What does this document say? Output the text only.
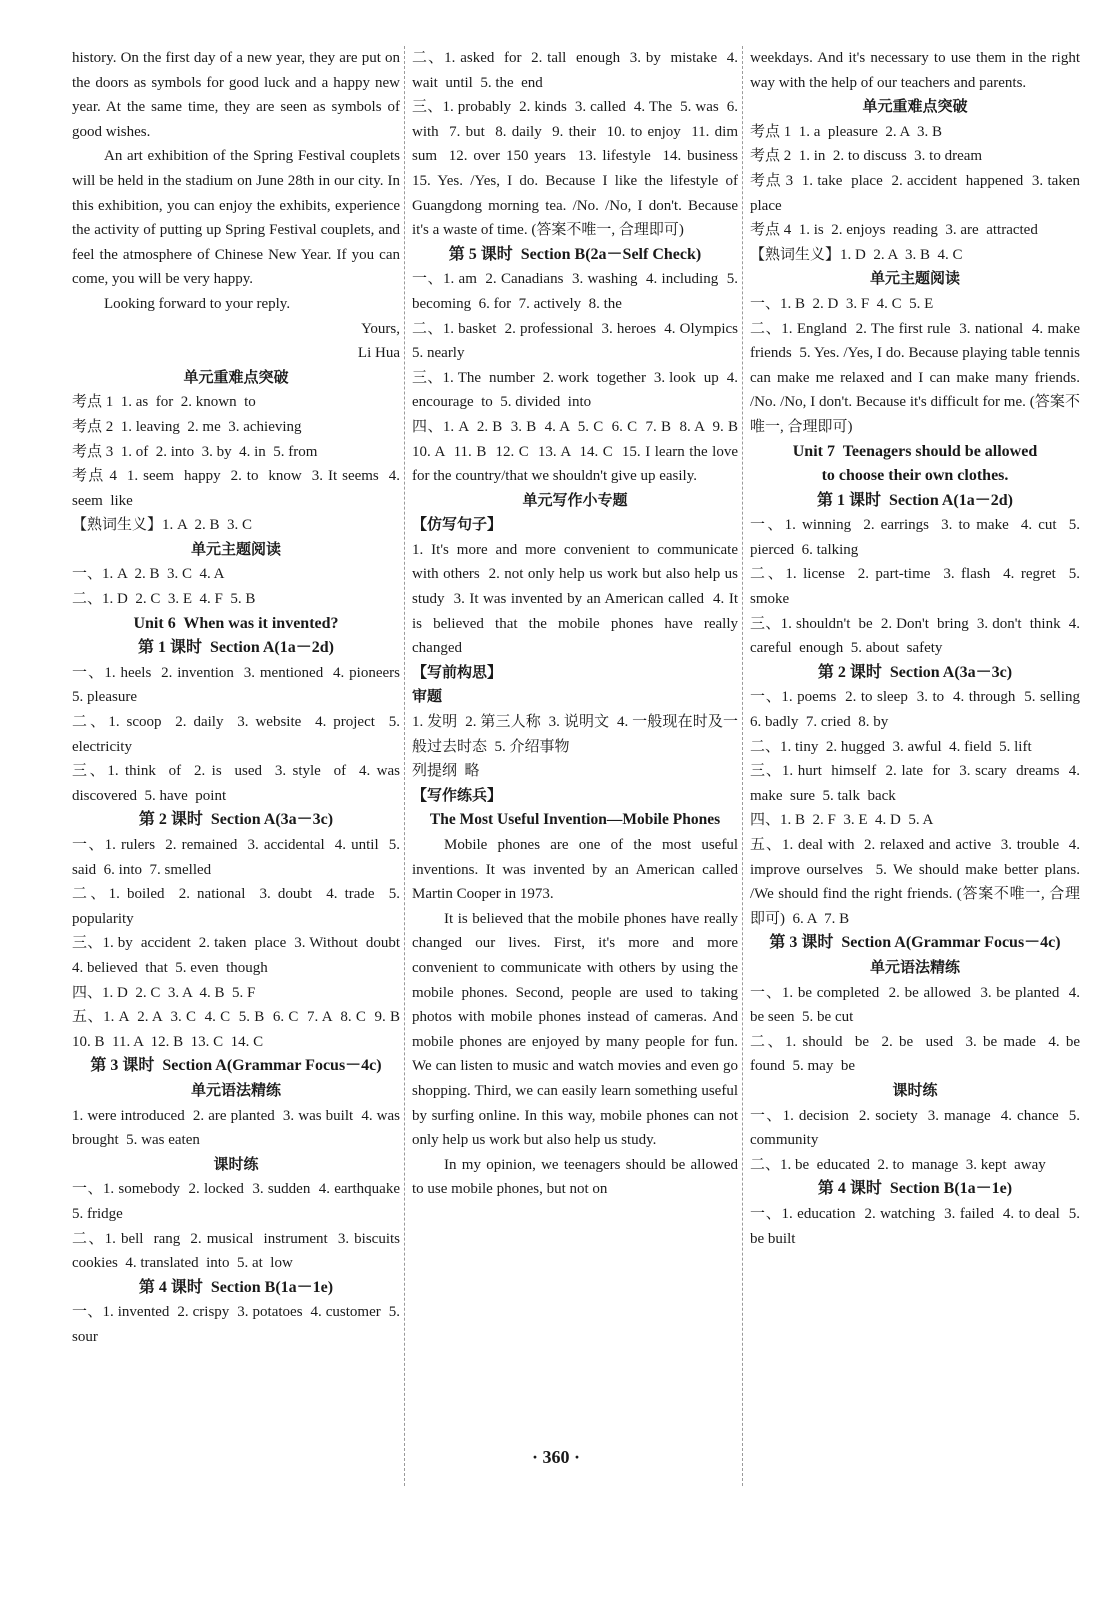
history. On the first day of a new year, they are put on the doors as symbols for good luck and a happy new year. At the same time, they are seen as symbols of good wishes.

An art exhibition of the Spring Festival couplets will be held in the stadium on June 28th in our city. In this exhibition, you can enjoy the exhibits, experience the activity of putting up Spring Festival couplets, and feel the atmosphere of Chinese New Year. If you can come, you will be very happy.

Looking forward to your reply.

Yours,
Li Hua
单元重难点突破
考点 1  1. as  for  2. known  to
考点 2  1. leaving  2. me  3. achieving
考点 3  1. of  2. into  3. by  4. in  5. from
考点 4  1. seem  happy  2. to  know  3. It seems  4. seem  like
【熟词生义】1. A  2. B  3. C
单元主题阅读
一、1. A  2. B  3. C  4. A
二、1. D  2. C  3. E  4. F  5. B
Unit 6  When was it invented?
第 1 课时  Section A(1a－2d)
一、1. heels  2. invention  3. mentioned  4. pioneers  5. pleasure
二、1. scoop  2. daily  3. website  4. project  5. electricity
三、1. think  of  2. is  used  3. style  of  4. was  discovered  5. have  point
第 2 课时  Section A(3a－3c)
一、1. rulers  2. remained  3. accidental  4. until  5. said  6. into  7. smelled
二、1. boiled  2. national  3. doubt  4. trade  5. popularity
三、1. by  accident  2. taken  place  3. Without  doubt  4. believed  that  5. even  though
四、1. D  2. C  3. A  4. B  5. F
五、1. A  2. A  3. C  4. C  5. B  6. C  7. A  8. C  9. B  10. B  11. A  12. B  13. C  14. C
第 3 课时  Section A(Grammar Focus－4c)
单元语法精练
1. were introduced  2. are planted  3. was built  4. was brought  5. was eaten
课时练
一、1. somebody  2. locked  3. sudden  4. earthquake  5. fridge
二、1. bell  rang  2. musical  instrument  3. biscuits  cookies  4. translated  into  5. at  low
第 4 课时  Section B(1a－1e)
一、1. invented  2. crispy  3. potatoes  4. customer  5. sour
二、1. asked  for  2. tall  enough  3. by  mistake  4. wait  until  5. the  end
三、1. probably  2. kinds  3. called  4. The  5. was  6. with  7. but  8. daily  9. their  10. to enjoy  11. dim sum  12. over 150 years  13. lifestyle  14. business  15. Yes. /Yes, I do. Because I like the lifestyle of Guangdong morning tea. /No. /No, I don't. Because it's a waste of time. (答案不唯一, 合理即可)
第 5 课时  Section B(2a－Self Check)
一、1. am  2. Canadians  3. washing  4. including  5. becoming  6. for  7. actively  8. the
二、1. basket  2. professional  3. heroes  4. Olympics  5. nearly
三、1. The  number  2. work  together  3. look  up  4. encourage  to  5. divided  into
四、1. A  2. B  3. B  4. A  5. C  6. C  7. B  8. A  9. B  10. A  11. B  12. C  13. A  14. C  15. I learn the love for the country/that we shouldn't give up easily.
单元写作小专题
【仿写句子】
1. It's more and more convenient to communicate with others  2. not only help us work but also help us study  3. It was invented by an American called  4. It is believed that the mobile phones have really changed
【写前构思】
审题
1. 发明  2. 第三人称  3. 说明文  4. 一般现在时及一般过去时态  5. 介绍事物
列提纲  略
【写作练兵】
The Most Useful Invention—Mobile Phones

Mobile phones are one of the most useful inventions. It was invented by an American called Martin Cooper in 1973.

It is believed that the mobile phones have really changed our lives. First, it's more and more convenient to communicate with others by using the mobile phones. Second, people are used to taking photos with mobile phones instead of cameras. And mobile phones are enjoyed by many people for fun. We can listen to music and watch movies and even go shopping. Third, we can easily learn something useful by surfing online. In this way, mobile phones can not only help us work but also help us study.

In my opinion, we teenagers should be allowed to use mobile phones, but not on

weekdays. And it's necessary to use them in the right way with the help of our teachers and parents.
单元重难点突破
考点 1  1. a  pleasure  2. A  3. B
考点 2  1. in  2. to discuss  3. to dream
考点 3  1. take  place  2. accident  happened  3. taken  place
考点 4  1. is  2. enjoys  reading  3. are  attracted
【熟词生义】1. D  2. A  3. B  4. C
单元主题阅读
一、1. B  2. D  3. F  4. C  5. E
二、1. England  2. The first rule  3. national  4. make friends  5. Yes. /Yes, I do. Because playing table tennis can make me relaxed and I can make many friends. /No. /No, I don't. Because it's difficult for me. (答案不唯一, 合理即可)
Unit 7  Teenagers should be allowed
to choose their own clothes.
第 1 课时  Section A(1a－2d)
一、1. winning  2. earrings  3. to make  4. cut  5. pierced  6. talking
二、1. license  2. part-time  3. flash  4. regret  5. smoke
三、1. shouldn't  be  2. Don't  bring  3. don't  think  4. careful  enough  5. about  safety
第 2 课时  Section A(3a－3c)
一、1. poems  2. to sleep  3. to  4. through  5. selling  6. badly  7. cried  8. by
二、1. tiny  2. hugged  3. awful  4. field  5. lift
三、1. hurt  himself  2. late  for  3. scary  dreams  4. make  sure  5. talk  back
四、1. B  2. F  3. E  4. D  5. A
五、1. deal with  2. relaxed and active  3. trouble  4. improve ourselves  5. We should make better plans. /We should find the right friends. (答案不唯一, 合理即可)  6. A  7. B
第 3 课时  Section A(Grammar Focus－4c)
单元语法精练
一、1. be completed  2. be allowed  3. be planted  4. be seen  5. be cut
二、1. should  be  2. be  used  3. be made  4. be  found  5. may  be
课时练
一、1. decision  2. society  3. manage  4. chance  5. community
二、1. be  educated  2. to  manage  3. kept  away
第 4 课时  Section B(1a－1e)
一、1. education  2. watching  3. failed  4. to deal  5. be built
· 360 ·
